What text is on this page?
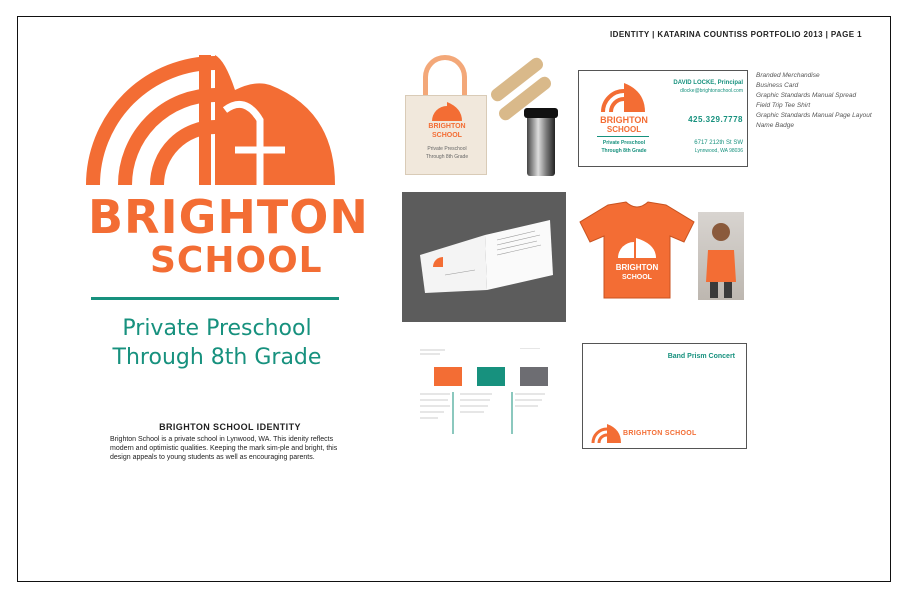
IDENTITY | KATARINA COUNTISS PORTFOLIO 2013 | PAGE 1
BRIGHTON
SCHOOL
Private Preschool
Through 8th Grade
BRIGHTON SCHOOL IDENTITY
Brighton School is a private school in Lynwood, WA. This idenity reflects modern and optimistic qualities. Keeping the mark sim-ple and bright, this design appeals to young students as well as encouraging parents.
BRIGHTON
SCHOOL
Private Preschool
Through 8th Grade
BRIGHTON
SCHOOL
Private Preschool
Through 8th Grade
DAVID LOCKE, Principal
dlocke@brightonschool.com
425.329.7778
6717 212th St SW
Lynnwood, WA 98036
Branded Merchandise
Business Card
Graphic Standards Manual Spread
Field Trip Tee Shirt
Graphic Standards Manual Page Layout
Name Badge
BRIGHTON
SCHOOL
Band Prism Concert
BRIGHTON SCHOOL
